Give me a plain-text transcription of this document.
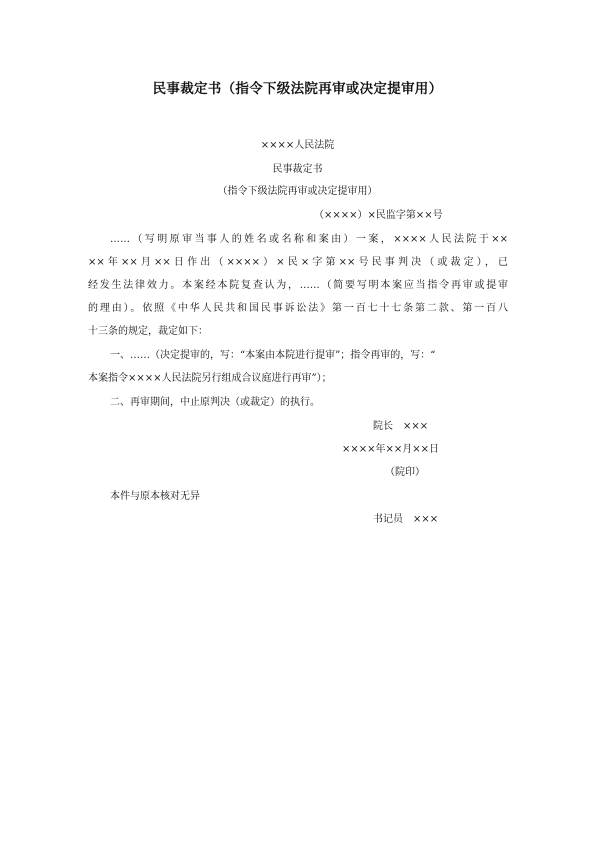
民事裁定书（指令下级法院再审或决定提审用）
××××人民法院
民事裁定书
（指令下级法院再审或决定提审用）
（××××）×民监字第××号
……（写明原审当事人的姓名或名称和案由）一案，××××人民法院于××
××年××月××日作出（××××）×民×字第××号民事判决（或裁定），已
经发生法律效力。本案经本院复查认为，……（简要写明本案应当指令再审或提审
的理由）。依照《中华人民共和国民事诉讼法》第一百七十七条第二款、第一百八
十三条的规定，裁定如下：
一、……（决定提审的，写：“本案由本院进行提审”；指令再审的，写：“
本案指令××××人民法院另行组成合议庭进行再审”）；
二、再审期间，中止原判决（或裁定）的执行。
院长　×××
××××年××月××日
（院印）
本件与原本核对无异
书记员　×××
